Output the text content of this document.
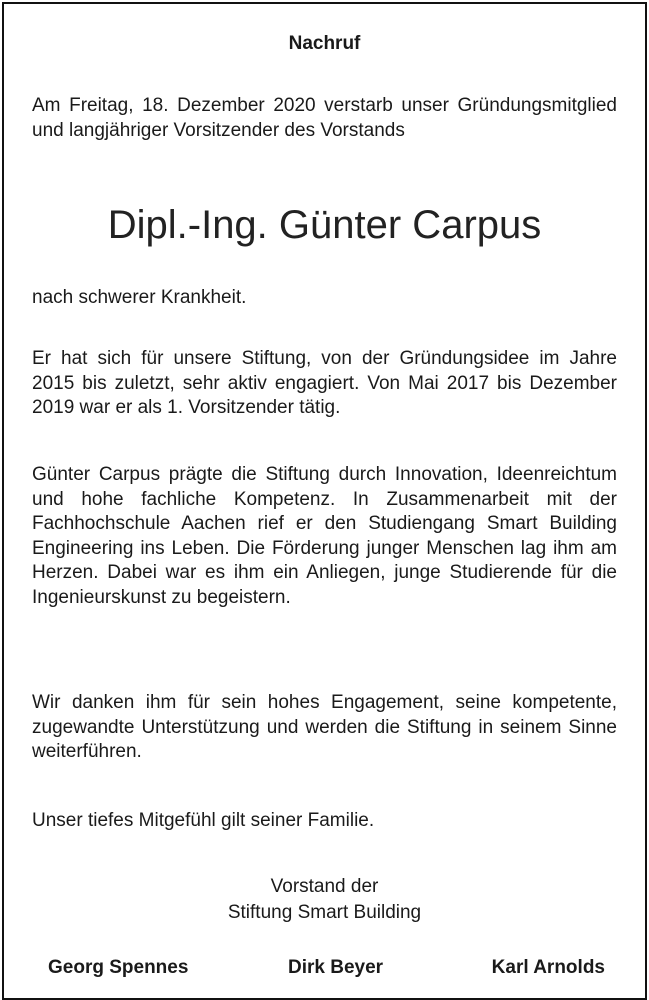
Nachruf

Am Freitag, 18. Dezember 2020 verstarb unser Gründungsmitglied und langjähriger Vorsitzender des Vorstands

Dipl.-Ing. Günter Carpus

nach schwerer Krankheit.

Er hat sich für unsere Stiftung, von der Gründungsidee im Jahre 2015 bis zuletzt, sehr aktiv engagiert. Von Mai 2017 bis Dezember 2019 war er als 1. Vorsitzender tätig.

Günter Carpus prägte die Stiftung durch Innovation, Ideenreichtum und hohe fachliche Kompetenz. In Zusammenarbeit mit der Fachhochschule Aachen rief er den Studiengang Smart Building Engineering ins Leben. Die Förderung junger Menschen lag ihm am Herzen. Dabei war es ihm ein Anliegen, junge Studierende für die Ingenieurskunst zu begeistern.

Wir danken ihm für sein hohes Engagement, seine kompetente, zugewandte Unterstützung und werden die Stiftung in seinem Sinne weiterführen.

Unser tiefes Mitgefühl gilt seiner Familie.

Vorstand der
Stiftung Smart Building
Georg Spennes	Dirk Beyer	Karl Arnolds
